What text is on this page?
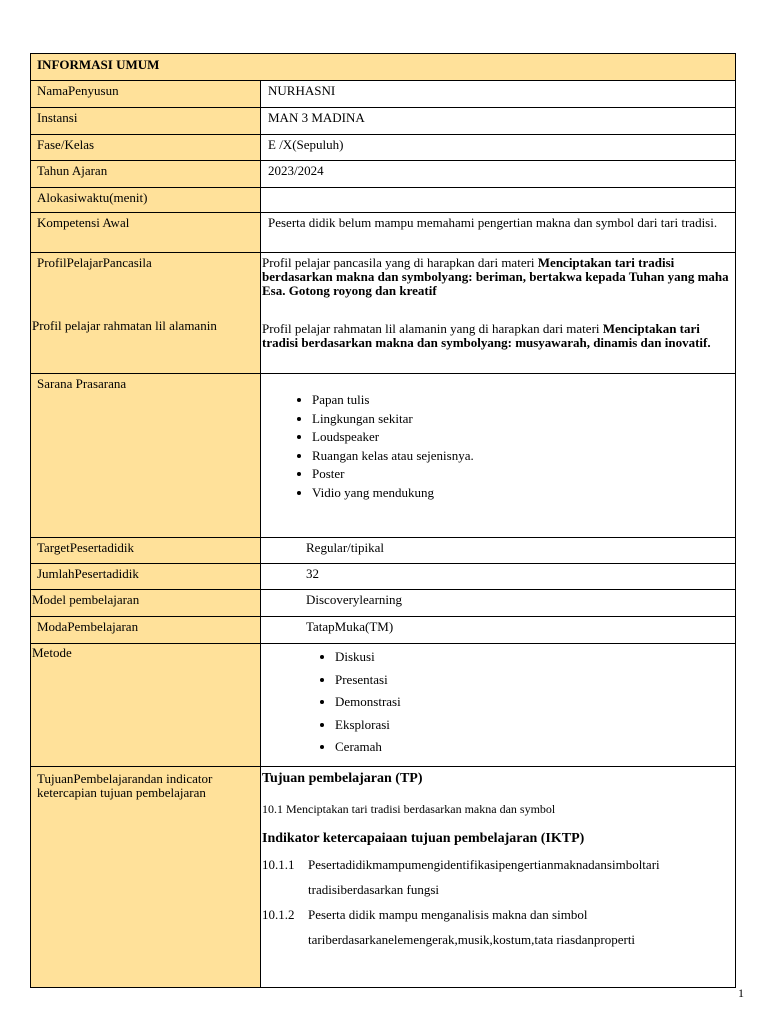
INFORMASI UMUM
NamaPenyusun	NURHASNI
Instansi	MAN 3 MADINA
Fase/Kelas	E /X(Sepuluh)
Tahun Ajaran	2023/2024
Alokasiwaktu(menit)
Kompetensi Awal	Peserta didik belum mampu memahami pengertian makna dan symbol dari tari tradisi.
ProfilPelajarPancasila
Profil pelajar rahmatan lil alamanin
Profil pelajar pancasila yang di harapkan dari materi Menciptakan tari tradisi berdasarkan makna dan symbolyang: beriman, bertakwa kepada Tuhan yang maha Esa. Gotong royong dan kreatif
Profil pelajar rahmatan lil alamanin yang di harapkan dari materi Menciptakan tari tradisi berdasarkan makna dan symbolyang: musyawarah, dinamis dan inovatif.
Sarana Prasarana
• Papan tulis
• Lingkungan sekitar
• Loudspeaker
• Ruangan kelas atau sejenisnya.
• Poster
• Vidio yang mendukung
TargetPesertadidik	Regular/tipikal
JumlahPesertadidik	32
Model pembelajaran	Discoverylearning
ModaPembelajaran	TatapMuka(TM)
Metode
•	Diskusi
• Presentasi
• Demonstrasi
• Eksplorasi
• Ceramah
TujuanPembelajarandan indicator ketercapian tujuan pembelajaran
Tujuan pembelajaran (TP)
10.1 Menciptakan tari tradisi berdasarkan makna dan symbol
Indikator ketercapaiaan tujuan pembelajaran (IKTP)
10.1.1	Pesertadidikmampumengidentifikasipengertianmaknadansimboltari
tradisiberdasarkan fungsi
10.1.2	Peserta didik mampu menganalisis makna dan simbol
tariberdasarkanelemengerak,musik,kostum,tata riasdanproperti
1
